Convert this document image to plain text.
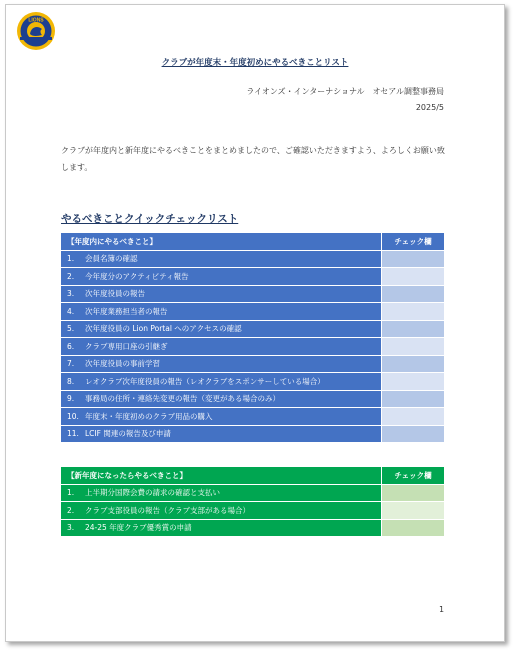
LIONS
クラブが年度末・年度初めにやるべきことリスト
ライオンズ・インターナショナル　オセアル調整事務局
2025/5
クラブが年度内と新年度にやるべきことをまとめましたので、ご確認いただきますよう、よろしくお願い致します。
やるべきことクイックチェックリスト
【年度内にやるべきこと】	チェック欄
1. 会員名簿の確認	
2. 今年度分のアクティビティ報告	
3. 次年度役員の報告	
4. 次年度業務担当者の報告	
5. 次年度役員の Lion Portal へのアクセスの確認	
6. クラブ専用口座の引継ぎ	
7. 次年度役員の事前学習	
8. レオクラブ次年度役員の報告（レオクラブをスポンサーしている場合）	
9. 事務局の住所・連絡先変更の報告（変更がある場合のみ）	
10. 年度末・年度初めのクラブ用品の購入	
11. LCIF 関連の報告及び申請	
【新年度になったらやるべきこと】	チェック欄
1. 上半期分国際会費の請求の確認と支払い	
2. クラブ支部役員の報告（クラブ支部がある場合）	
3. 24-25 年度クラブ優秀賞の申請	
1
